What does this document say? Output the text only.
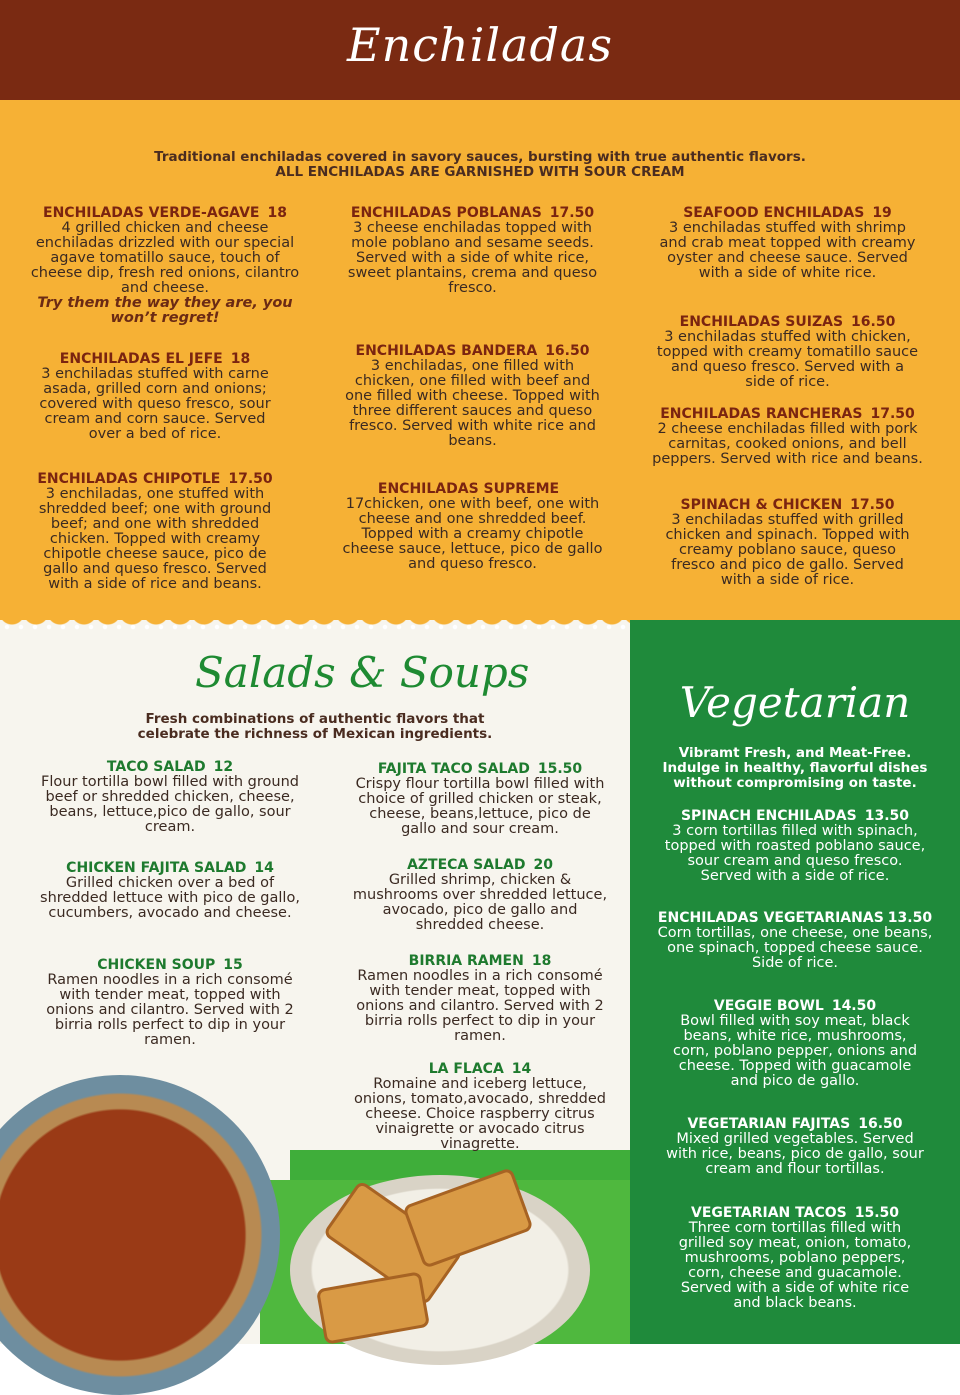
Enchiladas
Traditional enchiladas covered in savory sauces, bursting with true authentic flavors.
ALL ENCHILADAS ARE GARNISHED WITH SOUR CREAM
ENCHILADAS VERDE-AGAVE 18
4 grilled chicken and cheese enchiladas drizzled with our special agave tomatillo sauce, touch of cheese dip, fresh red onions, cilantro and cheese.
Try them the way they are, you won’t regret!
ENCHILADAS EL JEFE 18
3 enchiladas stuffed with carne asada, grilled corn and onions; covered with queso fresco, sour cream and corn sauce. Served over a bed of rice.
ENCHILADAS CHIPOTLE 17.50
3 enchiladas, one stuffed with shredded beef; one with ground beef; and one with shredded chicken. Topped with creamy chipotle cheese sauce, pico de gallo and queso fresco. Served with a side of rice and beans.
ENCHILADAS POBLANAS 17.50
3 cheese enchiladas topped with mole poblano and sesame seeds. Served with a side of white rice, sweet plantains, crema and queso fresco.
ENCHILADAS BANDERA 16.50
3 enchiladas, one filled with chicken, one filled with beef and one filled with cheese. Topped with three different sauces and queso fresco. Served with white rice and beans.
ENCHILADAS SUPREME
17chicken, one with beef, one with cheese and one shredded beef. Topped with a creamy chipotle cheese sauce, lettuce, pico de gallo and queso fresco.
SEAFOOD ENCHILADAS 19
3 enchiladas stuffed with shrimp and crab meat topped with creamy oyster and cheese sauce. Served with a side of white rice.
ENCHILADAS SUIZAS 16.50
3 enchiladas stuffed with chicken, topped with creamy tomatillo sauce and queso fresco. Served with a side of rice.
ENCHILADAS RANCHERAS 17.50
2 cheese enchiladas filled with pork carnitas, cooked onions, and bell peppers. Served with rice and beans.
SPINACH & CHICKEN 17.50
3 enchiladas stuffed with grilled chicken and spinach. Topped with creamy poblano sauce, queso fresco and pico de gallo. Served with a side of rice.
Salads & Soups
Fresh combinations of authentic flavors that
celebrate the richness of Mexican ingredients.
TACO SALAD 12
Flour tortilla bowl filled with ground beef or shredded chicken, cheese, beans, lettuce,pico de gallo, sour cream.
CHICKEN FAJITA SALAD 14
Grilled chicken over a bed of shredded lettuce with pico de gallo, cucumbers, avocado and cheese.
CHICKEN SOUP 15
Ramen noodles in a rich consomé with tender meat, topped with onions and cilantro. Served with 2 birria rolls perfect to dip in your ramen.
FAJITA TACO SALAD 15.50
Crispy flour tortilla bowl filled with choice of grilled chicken or steak, cheese, beans,lettuce, pico de gallo and sour cream.
AZTECA SALAD 20
Grilled shrimp, chicken & mushrooms over shredded lettuce, avocado, pico de gallo and shredded cheese.
BIRRIA RAMEN 18
Ramen noodles in a rich consomé with tender meat, topped with onions and cilantro. Served with 2 birria rolls perfect to dip in your ramen.
LA FLACA 14
Romaine and iceberg lettuce, onions, tomato,avocado, shredded cheese. Choice raspberry citrus vinaigrette or avocado citrus vinagrette.
Vegetarian
Vibramt Fresh, and Meat-Free. Indulge in healthy, flavorful dishes without compromising on taste.
SPINACH ENCHILADAS 13.50
3 corn tortillas filled with spinach, topped with roasted poblano sauce, sour cream and queso fresco. Served with a side of rice.
ENCHILADAS VEGETARIANAS 13.50
Corn tortillas, one cheese, one beans, one spinach, topped cheese sauce. Side of rice.
VEGGIE BOWL 14.50
Bowl filled with soy meat, black beans, white rice, mushrooms, corn, poblano pepper, onions and cheese. Topped with guacamole and pico de gallo.
VEGETARIAN FAJITAS 16.50
Mixed grilled vegetables. Served with rice, beans, pico de gallo, sour cream and flour tortillas.
VEGETARIAN TACOS 15.50
Three corn tortillas filled with grilled soy meat, onion, tomato, mushrooms, poblano peppers, corn, cheese and guacamole. Served with a side of white rice and black beans.
